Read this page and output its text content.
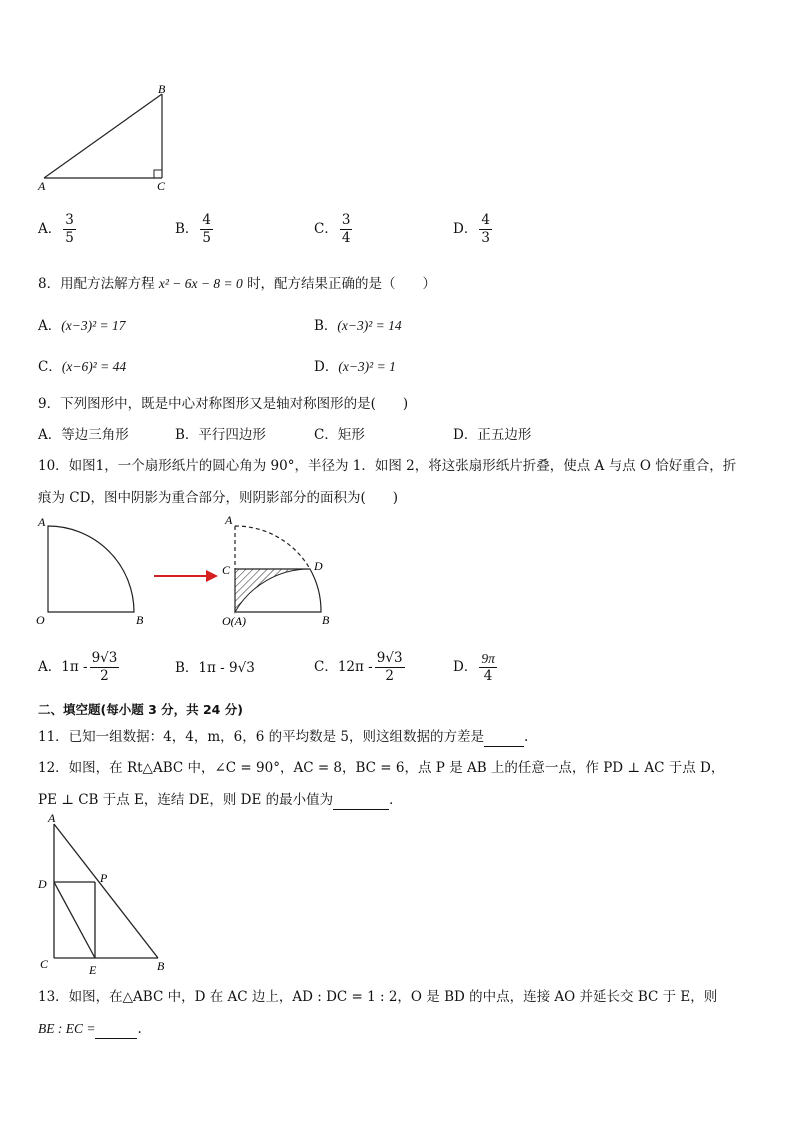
B
A	C
A． $\frac{3}{5}$	B． $\frac{4}{5}$	C． $\frac{3}{4}$	D． $\frac{4}{3}$
8．用配方法解方程 x² − 6x − 8 = 0 时，配方结果正确的是（　　）
A．(x−3)² = 17	B．(x−3)² = 14
C．(x−6)² = 44	D．(x−3)² = 1
9．下列图形中，既是中心对称图形又是轴对称图形的是(　　)
A．等边三角形	B．平行四边形	C．矩形	D．正五边形
10．如图1，一个扇形纸片的圆心角为 90°，半径为 1．如图 2，将这张扇形纸片折叠，使点 A 与点 O 恰好重合，折
痕为 CD，图中阴影为重合部分，则阴影部分的面积为(　　)
A
O	B
A
C	D
O(A)	B
A．$1\pi - \frac{9√3}{2}$	B．1π - 9√3	C．$12\pi - \frac{9√3}{2}$	D． $\frac{9\pi}{4}$
二、填空题(每小题 3 分，共 24 分)
11．已知一组数据：4，4，m，6，6 的平均数是 5，则这组数据的方差是	.
12．如图，在 Rt△ABC 中，∠C = 90°，AC = 8，BC = 6，点 P 是 AB 上的任意一点，作 PD ⊥ AC 于点 D，
PE ⊥ CB 于点 E，连结 DE，则 DE 的最小值为	．
A
D	P
C	E	B
13．如图，在△ABC 中，D 在 AC 边上，AD : DC = 1 : 2，O 是 BD 的中点，连接 AO 并延长交 BC 于 E，则
BE : EC =	.
